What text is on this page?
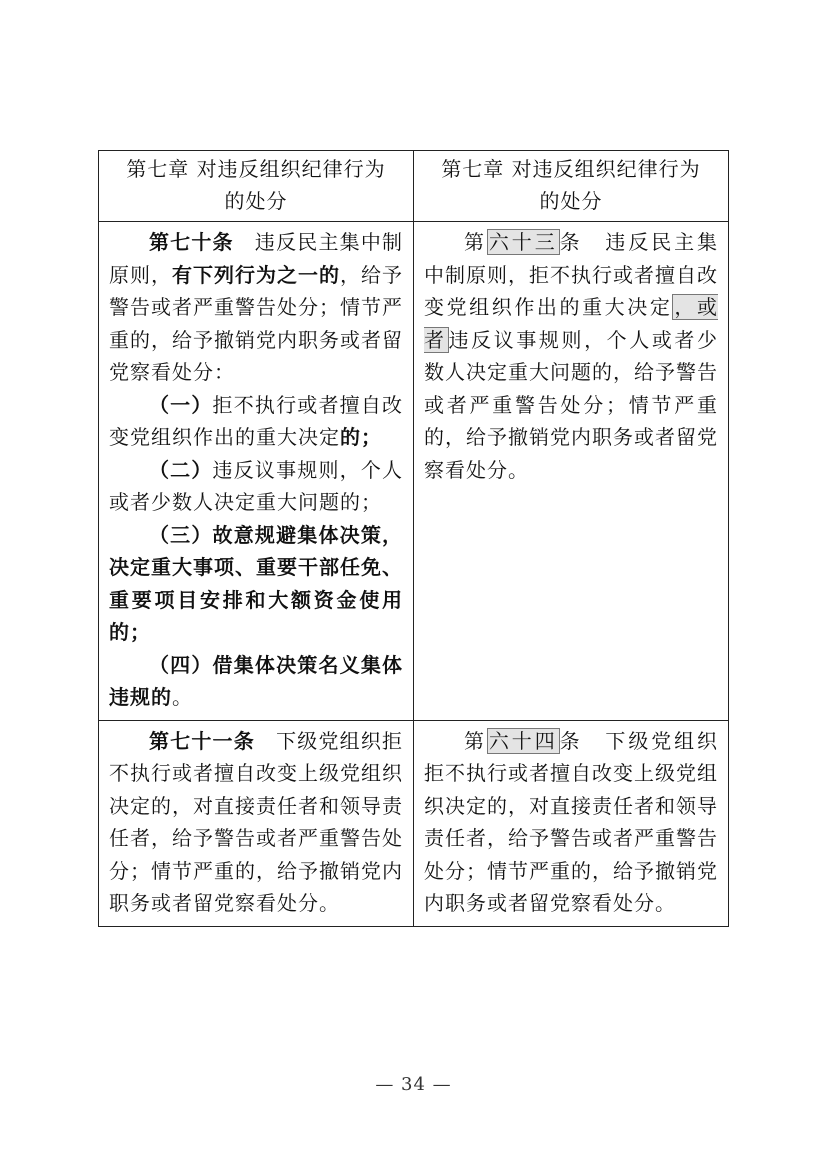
第七章 对违反组织纪律行为
的处分	第七章 对违反组织纪律行为
的处分

第七十条　 违反民主集中制原则，有下列行为之一的，给予警告或者严重警告处分；情节严重的，给予撤销党内职务或者留党察看处分：
（一）拒不执行或者擅自改变党组织作出的重大决定的；
（二）违反议事规则，个人或者少数人决定重大问题的；
（三）故意规避集体决策，决定重大事项、重要干部任免、重要项目安排和大额资金使用的；
（四）借集体决策名义集体违规的。	第 六十三 条　 违反民主集中制原则，拒不执行或者擅自改变党组织作出的重大决定 ，或者 违反议事规则，个人或者少数人决定重大问题的，给予警告或者严重警告处分；情节严重的，给予撤销党内职务或者留党察看处分。

第七十一条　 下级党组织拒不执行或者擅自改变上级党组织决定的，对直接责任者和领导责任者，给予警告或者严重警告处分；情节严重的，给予撤销党内职务或者留党察看处分。	第 六十四 条　 下级党组织拒不执行或者擅自改变上级党组织决定的，对直接责任者和领导责任者，给予警告或者严重警告处分；情节严重的，给予撤销党内职务或者留党察看处分。
— 34 —
